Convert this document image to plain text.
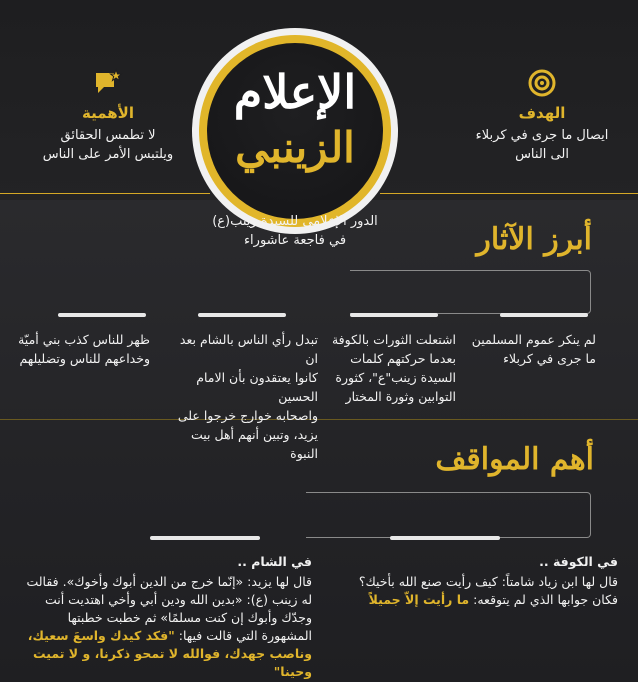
الهدف
ايصال ما جرى في كربلاء
الى الناس
الأهمية
لا تطمس الحقائق
ويلتبس الأمر على الناس
الإعلام
الزينبي
الدور الإعلامي للسيدة زينب(ع)
في فاجعة عاشوراء	أبرز الآثار
لم ينكر عموم المسلمين
ما جرى في كربلاء
اشتعلت الثورات بالكوفة
بعدما حركتهم كلمات
السيدة زينب"ع"، كثورة
التوابين وثورة المختار
تبدل رأي الناس بالشام بعد ان
كانوا يعتقدون بأن الامام الحسين
واصحابه خوارج خرجوا على
يزيد، وتبين أنهم أهل بيت النبوة
ظهر للناس كذب بني أميّة
وخداعهم للناس وتضليلهم
أهم المواقف
في الكوفة ..
قال لها ابن زياد شامتاً: كيف رأيت صنع الله بأخيك؟
فكان جوابها الذي لم يتوقعه: ما رأيت إلاّ جميلاً
في الشام ..
قال لها يزيد: «إنّما خرج من الدين أبوك وأخوك». فقالت
له زينب (ع): «بدين الله ودين أبي وأخي اهتديت أنت
وجدّك وأبوك إن كنت مسلمًا» ثم خطبت خطبتها
المشهورة التي قالت فيها: "فكد كيدك واسعَ سعيك،
وناصب جهدك، فوالله لا تمحو ذكرنا، و لا تميت وحينا"
